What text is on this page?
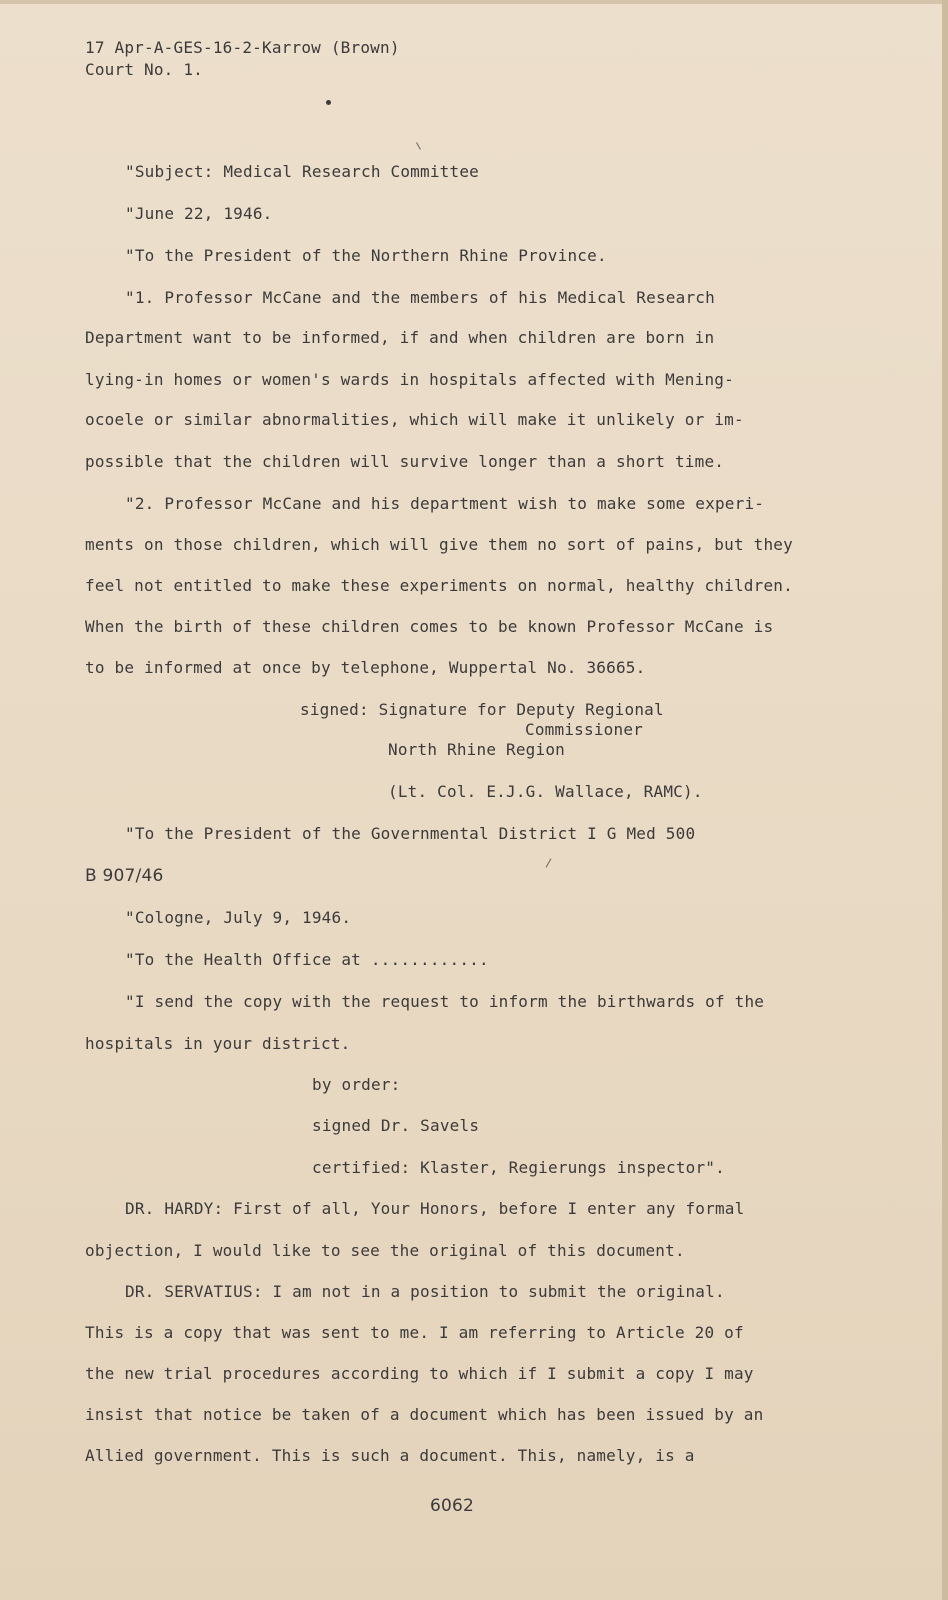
17 Apr-A-GES-16-2-Karrow (Brown)
Court No. 1.
"Subject: Medical Research Committee
"June 22, 1946.
"To the President of the Northern Rhine Province.
"1. Professor McCane and the members of his Medical Research
Department want to be informed, if and when children are born in
lying-in homes or women's wards in hospitals affected with Mening-
ocoele or similar abnormalities, which will make it unlikely or im-
possible that the children will survive longer than a short time.
"2. Professor McCane and his department wish to make some experi-
ments on those children, which will give them no sort of pains, but they
feel not entitled to make these experiments on normal, healthy children.
When the birth of these children comes to be known Professor McCane is
to be informed at once by telephone, Wuppertal No. 36665.
signed: Signature for Deputy Regional
Commissioner
North Rhine Region
(Lt. Col. E.J.G. Wallace, RAMC).
"To the President of the Governmental District I G Med 500
B 907/46
"Cologne, July 9, 1946.
"To the Health Office at ............
"I send the copy with the request to inform the birthwards of the
hospitals in your district.
by order:
signed Dr. Savels
certified: Klaster, Regierungs inspector".
DR. HARDY: First of all, Your Honors, before I enter any formal
objection, I would like to see the original of this document.
DR. SERVATIUS: I am not in a position to submit the original.
This is a copy that was sent to me. I am referring to Article 20 of
the new trial procedures according to which if I submit a copy I may
insist that notice be taken of a document which has been issued by an
Allied government. This is such a document. This, namely, is a
6062
